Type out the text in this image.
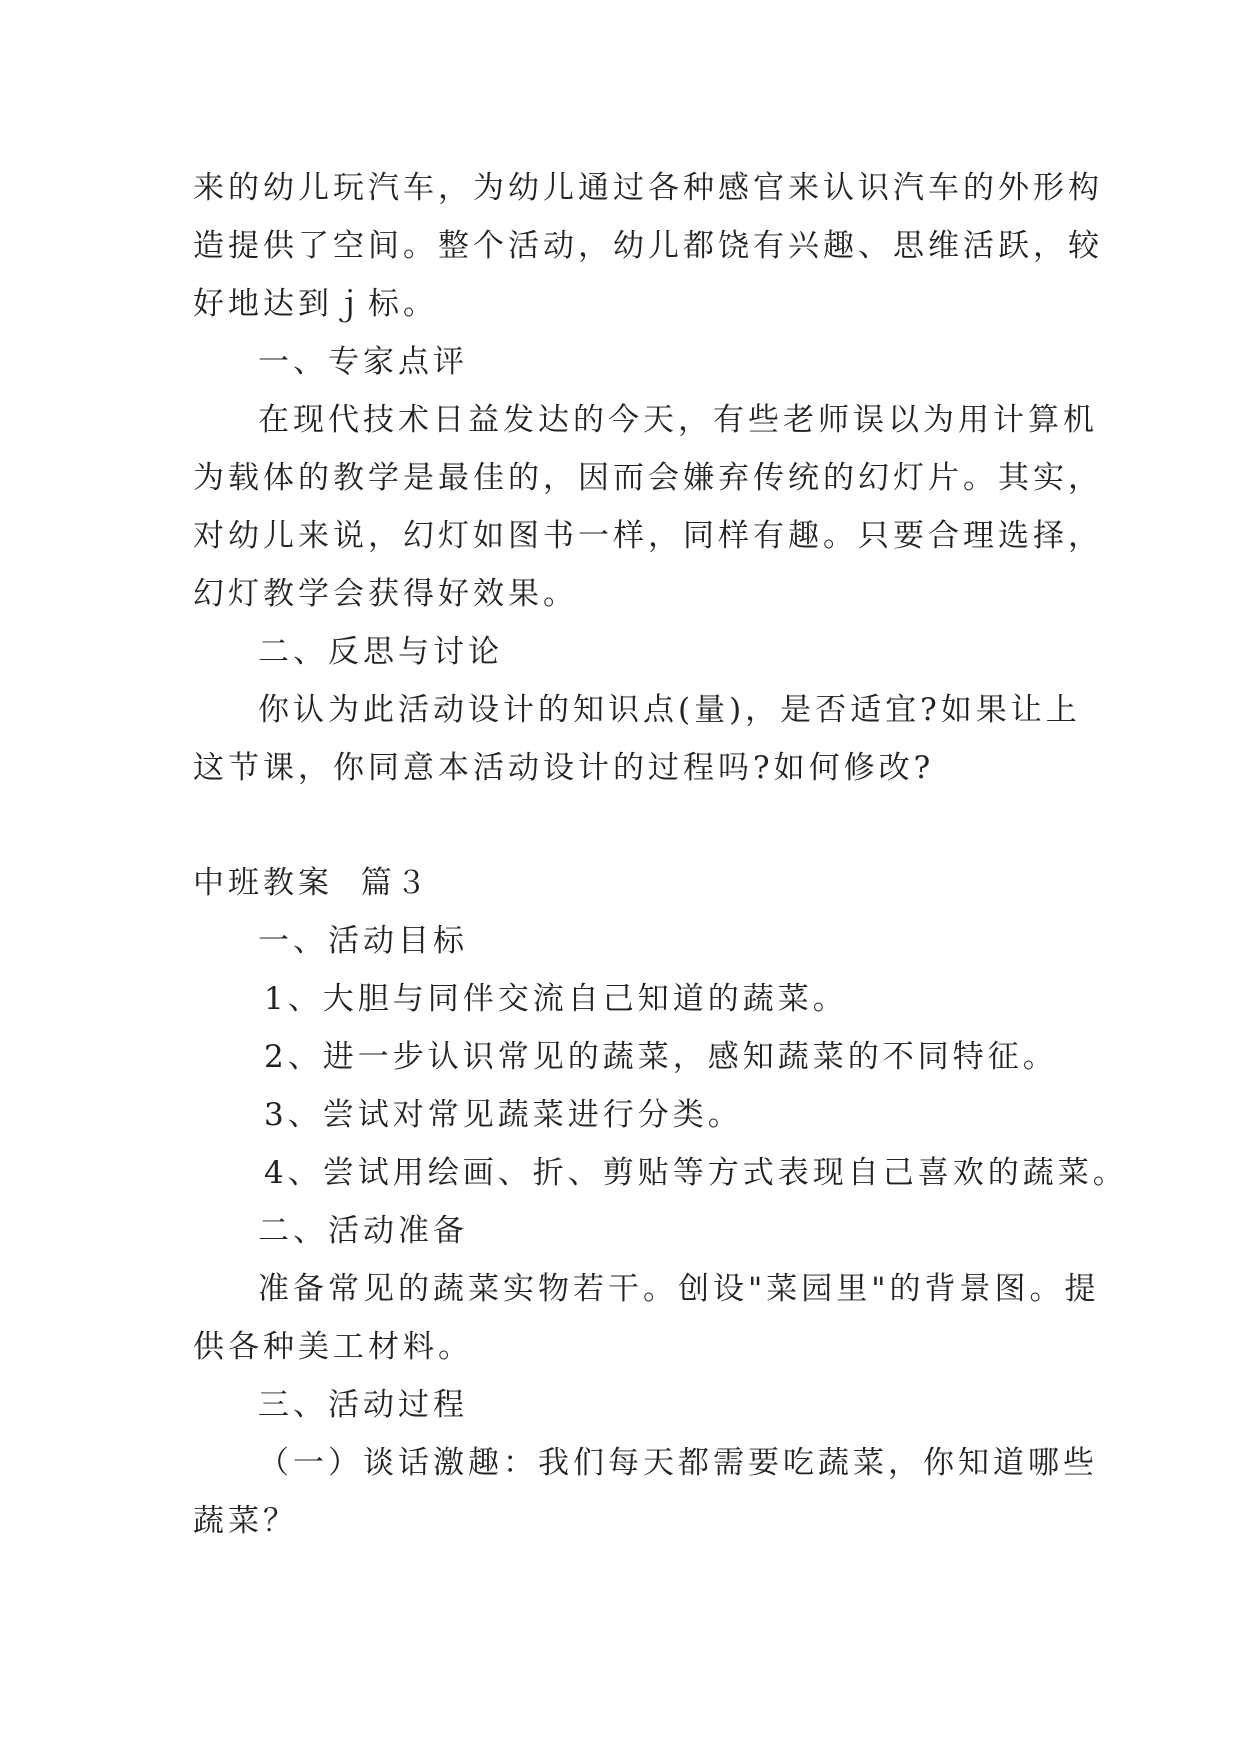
来的幼儿玩汽车，为幼儿通过各种感官来认识汽车的外形构
造提供了空间。整个活动，幼儿都饶有兴趣、思维活跃，较
好地达到ｊ标。
一、专家点评
在现代技术日益发达的今天，有些老师误以为用计算机
为载体的教学是最佳的，因而会嫌弃传统的幻灯片。其实，
对幼儿来说，幻灯如图书一样，同样有趣。只要合理选择，
幻灯教学会获得好效果。
二、反思与讨论
你认为此活动设计的知识点(量)，是否适宜?如果让上
这节课，你同意本活动设计的过程吗?如何修改?
中班教案  篇３
一、活动目标
1、大胆与同伴交流自己知道的蔬菜。
2、进一步认识常见的蔬菜，感知蔬菜的不同特征。
3、尝试对常见蔬菜进行分类。
4、尝试用绘画、折、剪贴等方式表现自己喜欢的蔬菜。
二、活动准备
准备常见的蔬菜实物若干。创设"菜园里"的背景图。提
供各种美工材料。
三、活动过程
（一）谈话激趣：我们每天都需要吃蔬菜，你知道哪些
蔬菜？
